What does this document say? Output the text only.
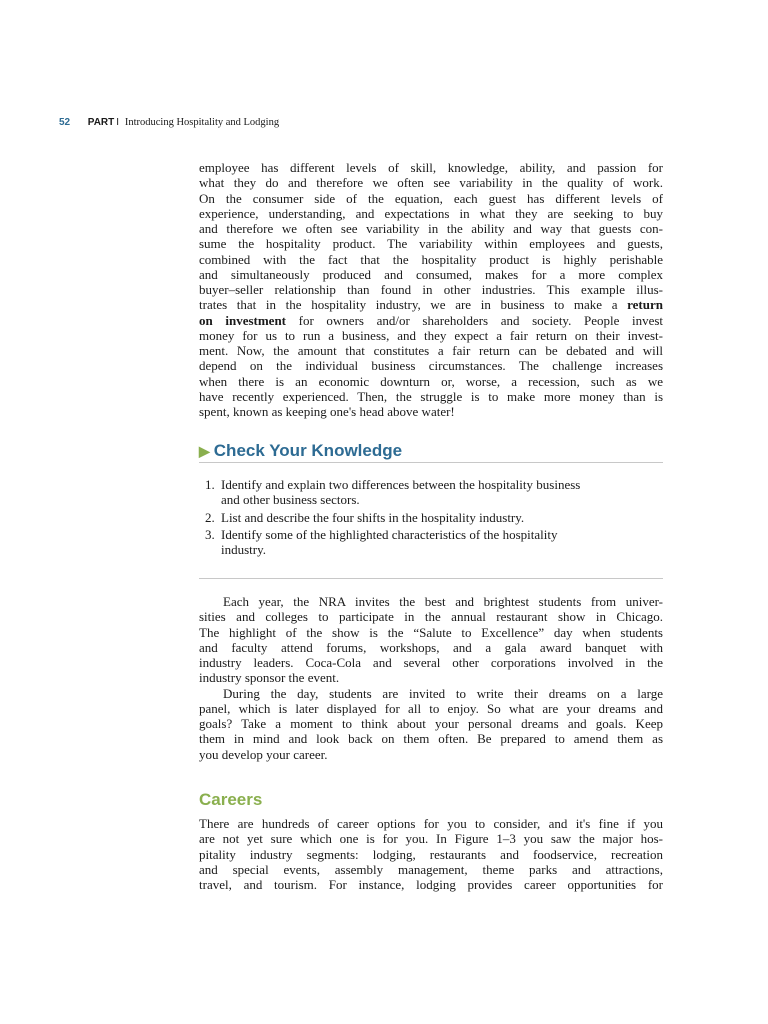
52 PART I Introducing Hospitality and Lodging
employee has different levels of skill, knowledge, ability, and passion for
what they do and therefore we often see variability in the quality of work.
On the consumer side of the equation, each guest has different levels of
experience, understanding, and expectations in what they are seeking to buy
and therefore we often see variability in the ability and way that guests con-
sume the hospitality product. The variability within employees and guests,
combined with the fact that the hospitality product is highly perishable
and simultaneously produced and consumed, makes for a more complex
buyer–seller relationship than found in other industries. This example illus-
trates that in the hospitality industry, we are in business to make a return
on investment for owners and/or shareholders and society. People invest
money for us to run a business, and they expect a fair return on their invest-
ment. Now, the amount that constitutes a fair return can be debated and will
depend on the individual business circumstances. The challenge increases
when there is an economic downturn or, worse, a recession, such as we
have recently experienced. Then, the struggle is to make more money than is
spent, known as keeping one's head above water!
▶ Check Your Knowledge
1. Identify and explain two differences between the hospitality business
and other business sectors.
2. List and describe the four shifts in the hospitality industry.
3. Identify some of the highlighted characteristics of the hospitality
industry.
Each year, the NRA invites the best and brightest students from univer-
sities and colleges to participate in the annual restaurant show in Chicago.
The highlight of the show is the “Salute to Excellence” day when students
and faculty attend forums, workshops, and a gala award banquet with
industry leaders. Coca-Cola and several other corporations involved in the
industry sponsor the event.
During the day, students are invited to write their dreams on a large
panel, which is later displayed for all to enjoy. So what are your dreams and
goals? Take a moment to think about your personal dreams and goals. Keep
them in mind and look back on them often. Be prepared to amend them as
you develop your career.
Careers
There are hundreds of career options for you to consider, and it's fine if you
are not yet sure which one is for you. In Figure 1–3 you saw the major hos-
pitality industry segments: lodging, restaurants and foodservice, recreation
and special events, assembly management, theme parks and attractions,
travel, and tourism. For instance, lodging provides career opportunities for
